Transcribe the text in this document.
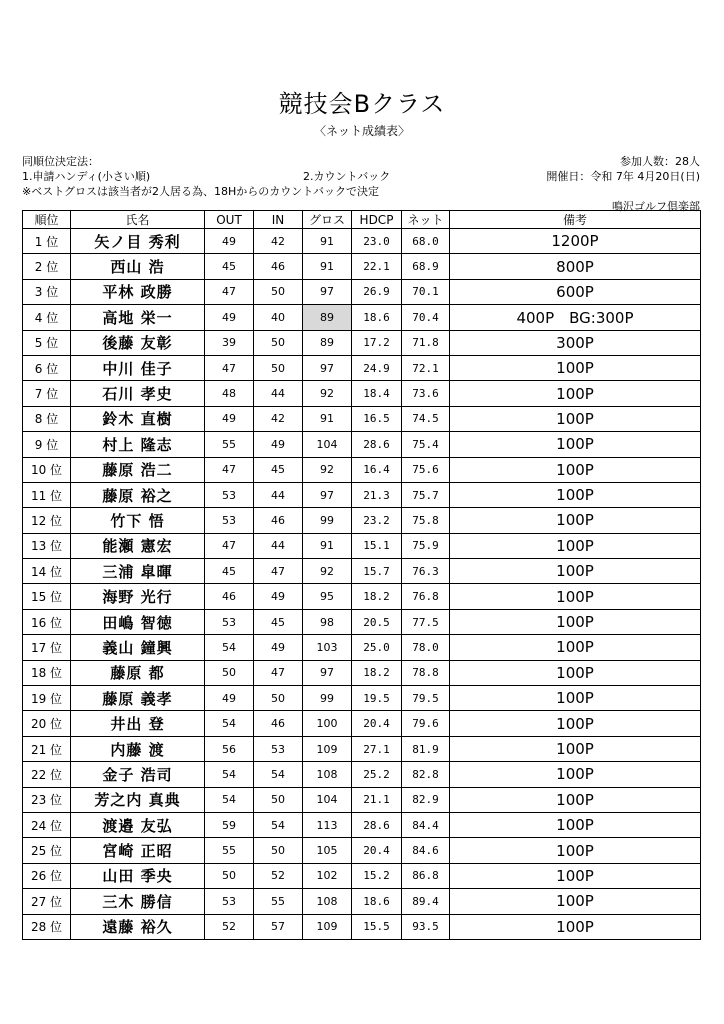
競技会Bクラス
〈ネット成績表〉
同順位決定法：
1.申請ハンディ(小さい順)	2.カウントバック
※ベストグロスは該当者が2人居る為、18Hからのカウントバックで決定
参加人数：28人
開催日：令和 7年 4月20日(日)
鳴沢ゴルフ倶楽部
順位	氏名	OUT	IN	グロス	HDCP	ネット	備考
1 位	矢ノ目 秀利	49	42	91	23.0	68.0	1200P
2 位	西山 浩	45	46	91	22.1	68.9	800P
3 位	平林 政勝	47	50	97	26.9	70.1	600P
4 位	高地 栄一	49	40	89	18.6	70.4	400P　BG:300P
5 位	後藤 友彰	39	50	89	17.2	71.8	300P
6 位	中川 佳子	47	50	97	24.9	72.1	100P
7 位	石川 孝史	48	44	92	18.4	73.6	100P
8 位	鈴木 直樹	49	42	91	16.5	74.5	100P
9 位	村上 隆志	55	49	104	28.6	75.4	100P
10 位	藤原 浩二	47	45	92	16.4	75.6	100P
11 位	藤原 裕之	53	44	97	21.3	75.7	100P
12 位	竹下 悟	53	46	99	23.2	75.8	100P
13 位	能瀬 憲宏	47	44	91	15.1	75.9	100P
14 位	三浦 皐暉	45	47	92	15.7	76.3	100P
15 位	海野 光行	46	49	95	18.2	76.8	100P
16 位	田嶋 智徳	53	45	98	20.5	77.5	100P
17 位	義山 鐘興	54	49	103	25.0	78.0	100P
18 位	藤原 都	50	47	97	18.2	78.8	100P
19 位	藤原 義孝	49	50	99	19.5	79.5	100P
20 位	井出 登	54	46	100	20.4	79.6	100P
21 位	内藤 渡	56	53	109	27.1	81.9	100P
22 位	金子 浩司	54	54	108	25.2	82.8	100P
23 位	芳之内 真典	54	50	104	21.1	82.9	100P
24 位	渡邉 友弘	59	54	113	28.6	84.4	100P
25 位	宮崎 正昭	55	50	105	20.4	84.6	100P
26 位	山田 季央	50	52	102	15.2	86.8	100P
27 位	三木 勝信	53	55	108	18.6	89.4	100P
28 位	遠藤 裕久	52	57	109	15.5	93.5	100P
